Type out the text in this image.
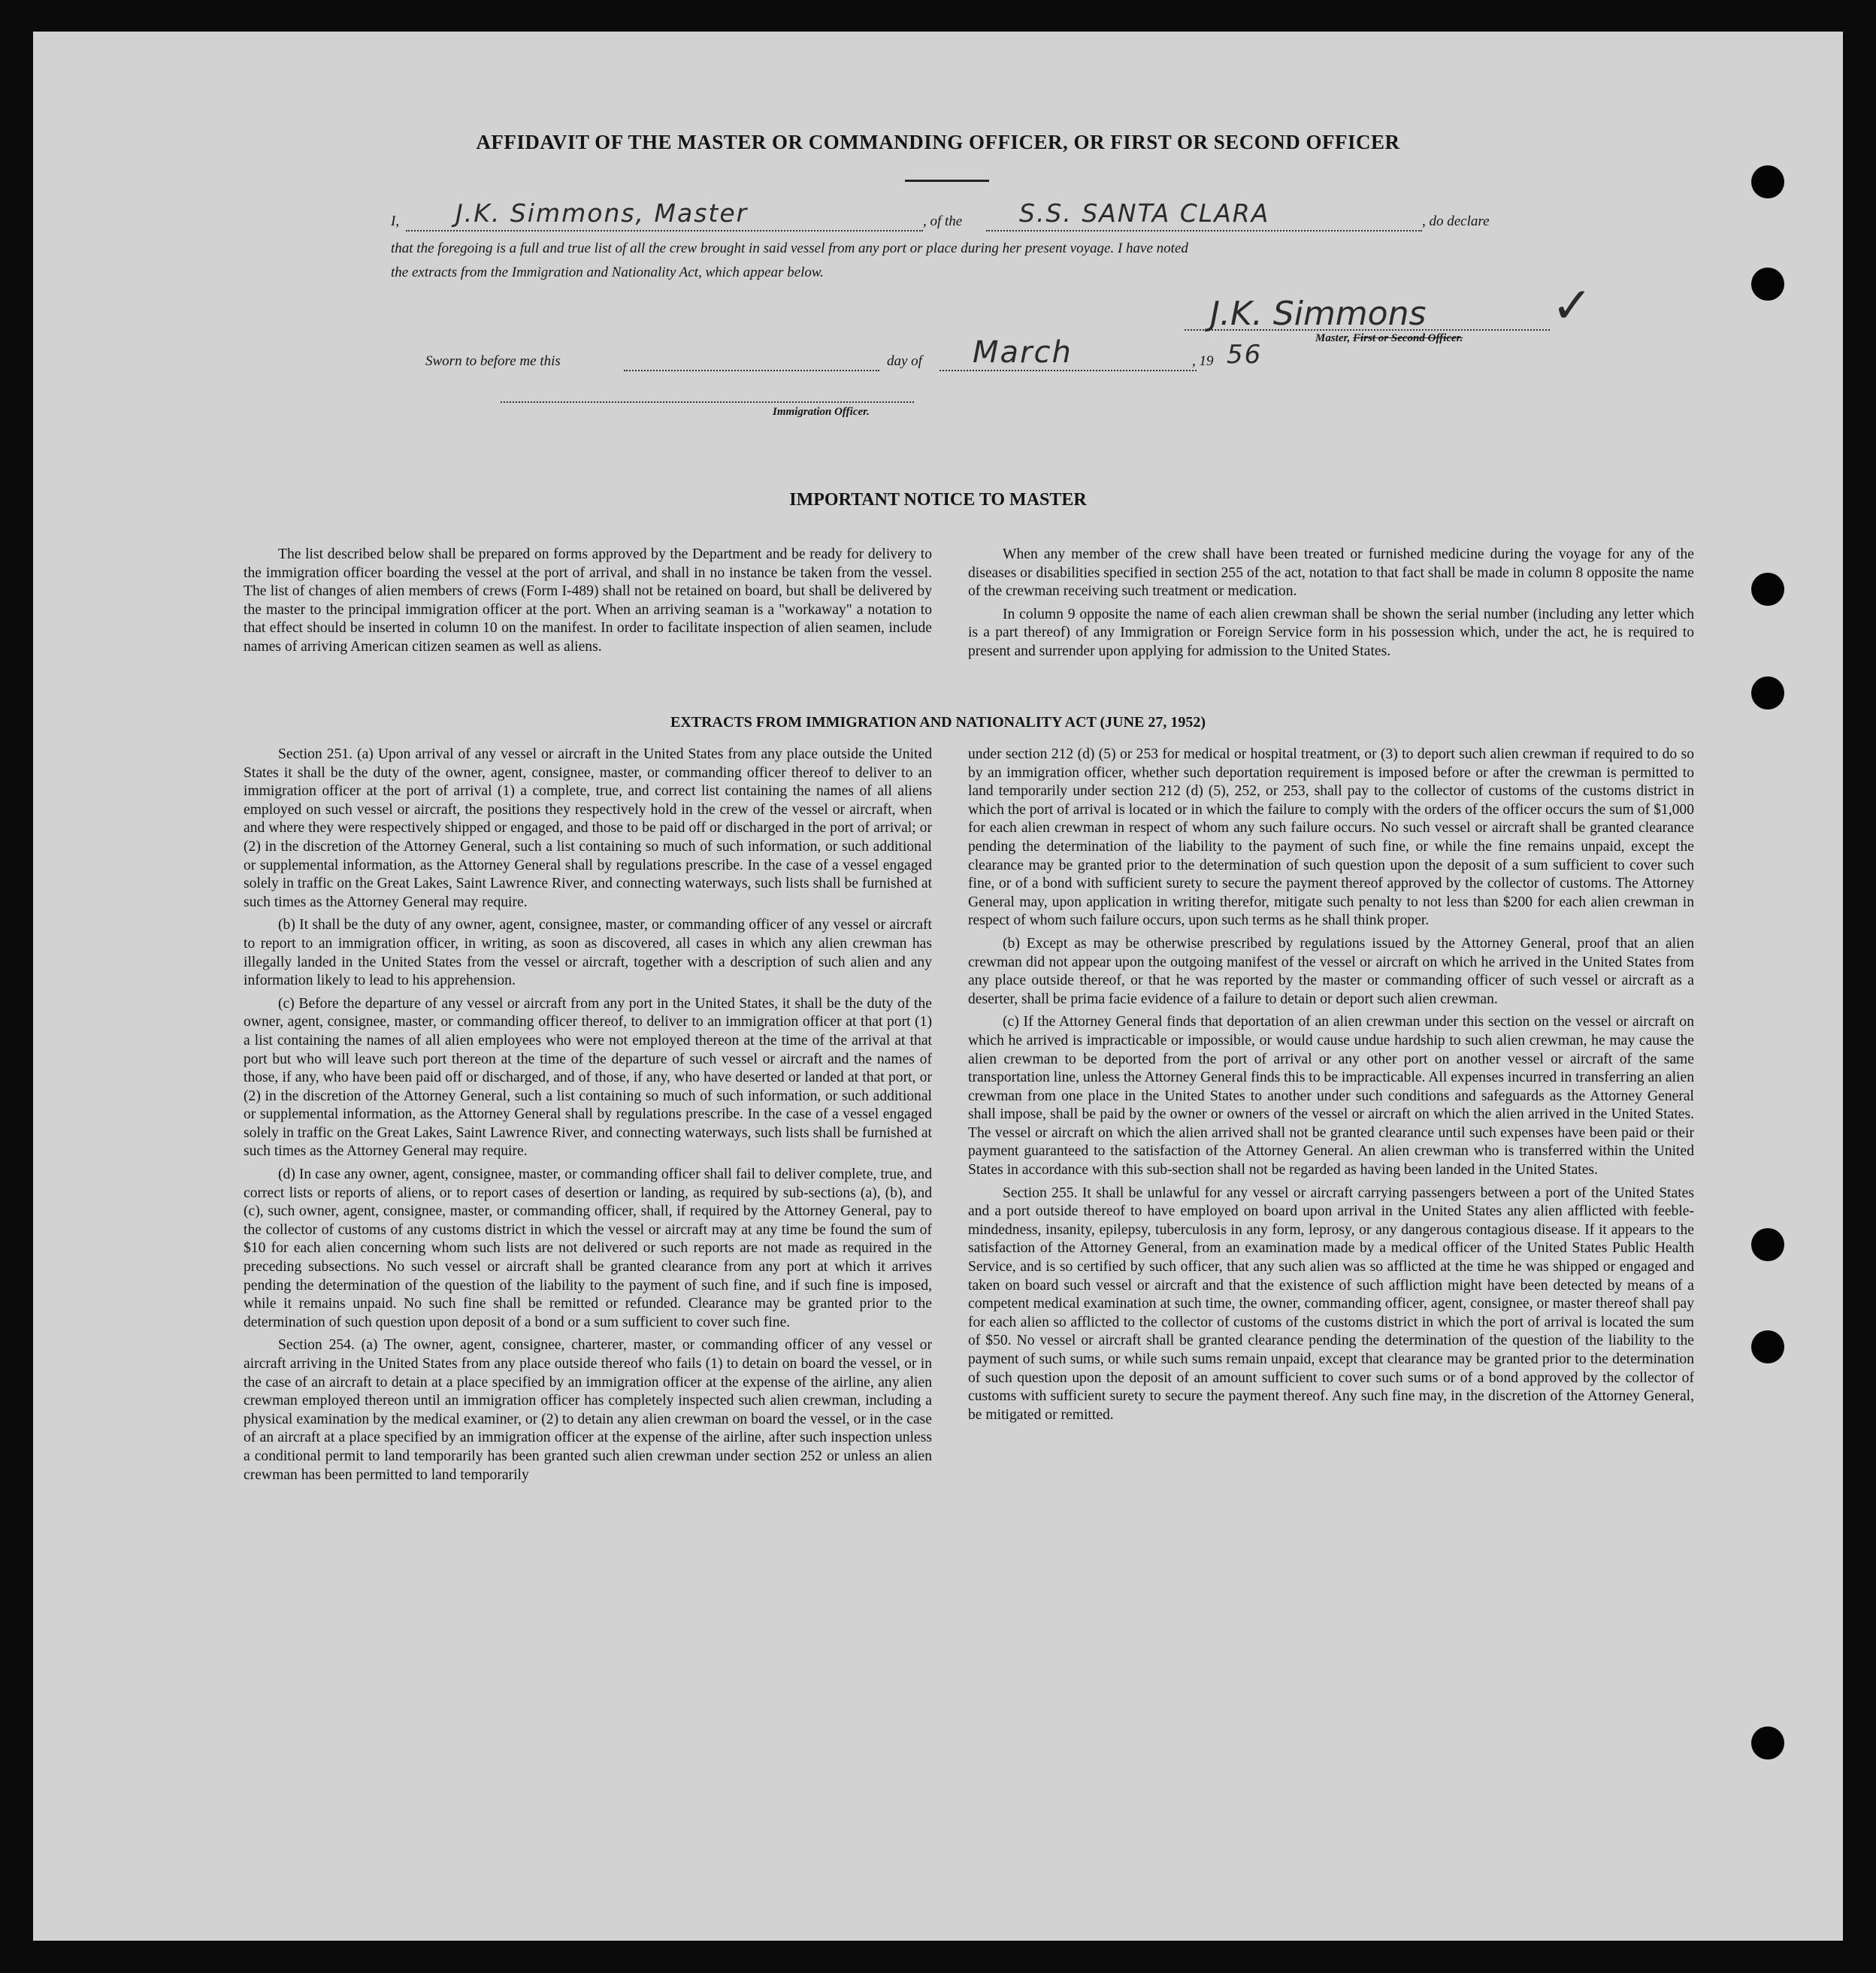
AFFIDAVIT OF THE MASTER OR COMMANDING OFFICER, OR FIRST OR SECOND OFFICER
I, J.K. Simmons, Master	, of the S.S. SANTA CLARA	, do declare
that the foregoing is a full and true list of all the crew brought in said vessel from any port or place during her present voyage. I have noted
the extracts from the Immigration and Nationality Act, which appear below.
J.K. Simmons	✓
Master, First or Second Officer.
Sworn to before me this	day of March	, 19 56
Immigration Officer.
IMPORTANT NOTICE TO MASTER

The list described below shall be prepared on forms approved by the Department and be ready for delivery to the immigration officer boarding the vessel at the port of arrival, and shall in no instance be taken from the vessel. The list of changes of alien members of crews (Form I-489) shall not be retained on board, but shall be delivered by the master to the principal immigration officer at the port. When an arriving seaman is a "workaway" a notation to that effect should be inserted in column 10 on the manifest. In order to facilitate inspection of alien seamen, include names of arriving American citizen seamen as well as aliens.

When any member of the crew shall have been treated or furnished medicine during the voyage for any of the diseases or disabilities specified in section 255 of the act, notation to that fact shall be made in column 8 opposite the name of the crewman receiving such treatment or medication.

In column 9 opposite the name of each alien crewman shall be shown the serial number (including any letter which is a part thereof) of any Immigration or Foreign Service form in his possession which, under the act, he is required to present and surrender upon applying for admission to the United States.

EXTRACTS FROM IMMIGRATION AND NATIONALITY ACT (JUNE 27, 1952)

Section 251. (a) Upon arrival of any vessel or aircraft in the United States from any place outside the United States it shall be the duty of the owner, agent, consignee, master, or commanding officer thereof to deliver to an immigration officer at the port of arrival (1) a complete, true, and correct list containing the names of all aliens employed on such vessel or aircraft, the positions they respectively hold in the crew of the vessel or aircraft, when and where they were respectively shipped or engaged, and those to be paid off or discharged in the port of arrival; or (2) in the discretion of the Attorney General, such a list containing so much of such information, or such additional or supplemental information, as the Attorney General shall by regulations prescribe. In the case of a vessel engaged solely in traffic on the Great Lakes, Saint Lawrence River, and connecting waterways, such lists shall be furnished at such times as the Attorney General may require.

(b) It shall be the duty of any owner, agent, consignee, master, or commanding officer of any vessel or aircraft to report to an immigration officer, in writing, as soon as discovered, all cases in which any alien crewman has illegally landed in the United States from the vessel or aircraft, together with a description of such alien and any information likely to lead to his apprehension.

(c) Before the departure of any vessel or aircraft from any port in the United States, it shall be the duty of the owner, agent, consignee, master, or commanding officer thereof, to deliver to an immigration officer at that port (1) a list containing the names of all alien employees who were not employed thereon at the time of the arrival at that port but who will leave such port thereon at the time of the departure of such vessel or aircraft and the names of those, if any, who have been paid off or discharged, and of those, if any, who have deserted or landed at that port, or (2) in the discretion of the Attorney General, such a list containing so much of such information, or such additional or supplemental information, as the Attorney General shall by regulations prescribe. In the case of a vessel engaged solely in traffic on the Great Lakes, Saint Lawrence River, and connecting waterways, such lists shall be furnished at such times as the Attorney General may require.

(d) In case any owner, agent, consignee, master, or commanding officer shall fail to deliver complete, true, and correct lists or reports of aliens, or to report cases of desertion or landing, as required by sub-sections (a), (b), and (c), such owner, agent, consignee, master, or commanding officer, shall, if required by the Attorney General, pay to the collector of customs of any customs district in which the vessel or aircraft may at any time be found the sum of $10 for each alien concerning whom such lists are not delivered or such reports are not made as required in the preceding subsections. No such vessel or aircraft shall be granted clearance from any port at which it arrives pending the determination of the question of the liability to the payment of such fine, and if such fine is imposed, while it remains unpaid. No such fine shall be remitted or refunded. Clearance may be granted prior to the determination of such question upon deposit of a bond or a sum sufficient to cover such fine.

Section 254. (a) The owner, agent, consignee, charterer, master, or commanding officer of any vessel or aircraft arriving in the United States from any place outside thereof who fails (1) to detain on board the vessel, or in the case of an aircraft to detain at a place specified by an immigration officer at the expense of the airline, any alien crewman employed thereon until an immigration officer has completely inspected such alien crewman, including a physical examination by the medical examiner, or (2) to detain any alien crewman on board the vessel, or in the case of an aircraft at a place specified by an immigration officer at the expense of the airline, after such inspection unless a conditional permit to land temporarily has been granted such alien crewman under section 252 or unless an alien crewman has been permitted to land temporarily

under section 212 (d) (5) or 253 for medical or hospital treatment, or (3) to deport such alien crewman if required to do so by an immigration officer, whether such deportation requirement is imposed before or after the crewman is permitted to land temporarily under section 212 (d) (5), 252, or 253, shall pay to the collector of customs of the customs district in which the port of arrival is located or in which the failure to comply with the orders of the officer occurs the sum of $1,000 for each alien crewman in respect of whom any such failure occurs. No such vessel or aircraft shall be granted clearance pending the determination of the liability to the payment of such fine, or while the fine remains unpaid, except the clearance may be granted prior to the determination of such question upon the deposit of a sum sufficient to cover such fine, or of a bond with sufficient surety to secure the payment thereof approved by the collector of customs. The Attorney General may, upon application in writing therefor, mitigate such penalty to not less than $200 for each alien crewman in respect of whom such failure occurs, upon such terms as he shall think proper.

(b) Except as may be otherwise prescribed by regulations issued by the Attorney General, proof that an alien crewman did not appear upon the outgoing manifest of the vessel or aircraft on which he arrived in the United States from any place outside thereof, or that he was reported by the master or commanding officer of such vessel or aircraft as a deserter, shall be prima facie evidence of a failure to detain or deport such alien crewman.

(c) If the Attorney General finds that deportation of an alien crewman under this section on the vessel or aircraft on which he arrived is impracticable or impossible, or would cause undue hardship to such alien crewman, he may cause the alien crewman to be deported from the port of arrival or any other port on another vessel or aircraft of the same transportation line, unless the Attorney General finds this to be impracticable. All expenses incurred in transferring an alien crewman from one place in the United States to another under such conditions and safeguards as the Attorney General shall impose, shall be paid by the owner or owners of the vessel or aircraft on which the alien arrived in the United States. The vessel or aircraft on which the alien arrived shall not be granted clearance until such expenses have been paid or their payment guaranteed to the satisfaction of the Attorney General. An alien crewman who is transferred within the United States in accordance with this sub-section shall not be regarded as having been landed in the United States.

Section 255. It shall be unlawful for any vessel or aircraft carrying passengers between a port of the United States and a port outside thereof to have employed on board upon arrival in the United States any alien afflicted with feeble-mindedness, insanity, epilepsy, tuberculosis in any form, leprosy, or any dangerous contagious disease. If it appears to the satisfaction of the Attorney General, from an examination made by a medical officer of the United States Public Health Service, and is so certified by such officer, that any such alien was so afflicted at the time he was shipped or engaged and taken on board such vessel or aircraft and that the existence of such affliction might have been detected by means of a competent medical examination at such time, the owner, commanding officer, agent, consignee, or master thereof shall pay for each alien so afflicted to the collector of customs of the customs district in which the port of arrival is located the sum of $50. No vessel or aircraft shall be granted clearance pending the determination of the question of the liability to the payment of such sums, or while such sums remain unpaid, except that clearance may be granted prior to the determination of such question upon the deposit of an amount sufficient to cover such sums or of a bond approved by the collector of customs with sufficient surety to secure the payment thereof. Any such fine may, in the discretion of the Attorney General, be mitigated or remitted.
